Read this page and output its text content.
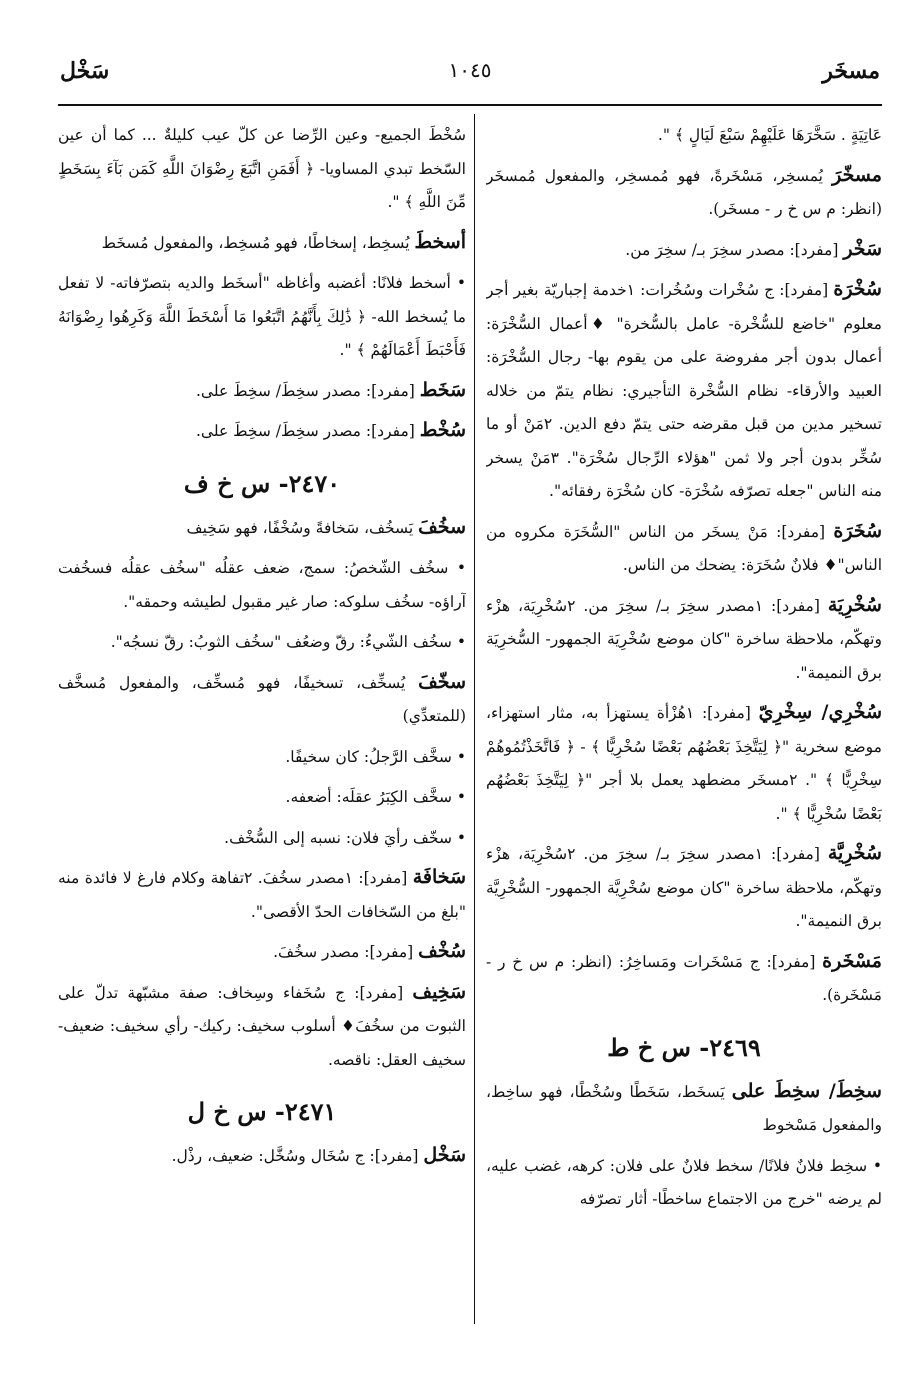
مسخَر
١٠٤٥
سَخْل

عَاتِيَةٍ . سَخَّرَهَا عَلَيْهِمْ سَبْعَ لَيَالٍ ﴾ ".

مسخّرَ يُمسخِر، مَسْخَرةً، فهو مُمسخِر، والمفعول مُمسخَر (انظر: م س خ ر - مسخَر).

سَخْر [مفرد]: مصدر سخِرَ بـ/ سخِرَ من.

سُخْرَة [مفرد]: ج سُخْرات وسُخُرات: ١خدمة إجباريّة بغير أجر معلوم "خاضع للسُّخْرة- عامل بالسُّخرة" ♦أعمال السُّخْرَة: أعمال بدون أجر مفروضة على من يقوم بها- رجال السُّخْرَة: العبيد والأرقاء- نظام السُّخْرة التأجيري: نظام يتمّ من خلاله تسخير مدين من قبل مقرضه حتى يتمّ دفع الدين. ٢مَنْ أو ما سُخِّر بدون أجر ولا ثمن "هؤلاء الرِّجال سُخْرَة". ٣مَنْ يسخر منه الناس "جعله تصرّفه سُخْرَة- كان سُخْرَة رفقائه".

سُخَرَة [مفرد]: مَنْ يسخَر من الناس "السُّخَرَة مكروه من الناس"♦ فلانٌ سُخَرَة: يضحك من الناس.

سُخْرِيَة [مفرد]: ١مصدر سخِرَ بـ/ سخِرَ من. ٢سُخْرِيَة، هزْء وتهكّم، ملاحظة ساخرة "كان موضع سُخْرِيَة الجمهور- السُّخرِيَة برق النميمة".

سُخْرِي/ سِخْرِيّ [مفرد]: ١هُزْأة يستهزأ به، مثار استهزاء، موضع سخرية "﴿ لِيَتَّخِذَ بَعْضُهُم بَعْضًا سُخْرِيًّا ﴾ - ﴿ فَاتَّخَذْتُمُوهُمْ سِخْرِيًّا ﴾ ". ٢مسخَر مضطهد يعمل بلا أجر "﴿ لِيَتَّخِذَ بَعْضُهُم بَعْضًا سُخْرِيًّا ﴾ ".

سُخْرِيَّة [مفرد]: ١مصدر سخِرَ بـ/ سخِرَ من. ٢سُخْرِيَة، هزْء وتهكّم، ملاحظة ساخرة "كان موضع سُخْرِيَّة الجمهور- السُّخْرِيَّة برق النميمة".

مَسْخَرة [مفرد]: ج مَسْخَرات ومَساخِرُ: (انظر: م س خ ر - مَسْخَرة).

٢٤٦٩- س خ ط

سخِطَ/ سخِطَ على يَسخَط، سَخَطًا وسُخْطًا، فهو ساخِط، والمفعول مَسْخوط

• سخِط فلانٌ فلانًا/ سخط فلانٌ على فلان: كرهه، غضب عليه، لم يرضه "خرج من الاجتماع ساخطًا- أثار تصرّفه

سُخْطَ الجميع- وعين الرِّضا عن كلّ عيب كليلةٌ ... كما أن عين السّخط تبدي المساويا- ﴿ أَفَمَنِ اتَّبَعَ رِضْوَانَ اللَّهِ كَمَن بَآءَ بِسَخَطٍ مِّنَ اللَّهِ ﴾ ".

أسخطَ يُسخِط، إسخاطًا، فهو مُسخِط، والمفعول مُسخَط

• أسخط فلانًا: أغضبه وأغاظه "أسخَط والديه بتصرّفاته- لا تفعل ما يُسخط الله- ﴿ ذَٰلِكَ بِأَنَّهُمُ اتَّبَعُوا مَا أَسْخَطَ اللَّهَ وَكَرِهُوا رِضْوَانَهُ فَأَحْبَطَ أَعْمَالَهُمْ ﴾ ".

سَخَط [مفرد]: مصدر سخِطَ/ سخِطَ على.

سُخْط [مفرد]: مصدر سخِطَ/ سخِطَ على.

٢٤٧٠- س خ ف

سخُفَ يَسخُف، سَخافةً وسُخْفًا، فهو سَخِيف

• سخُف الشّخصُ: سمج، ضعف عقلُه "سخُف عقلُه فسخُفت آراؤه- سخُف سلوكه: صار غير مقبول لطيشه وحمقه".

• سخُف الشّيءُ: رقّ وضعُف "سخُف الثوبُ: رقّ نسجُه".

سخّفَ يُسخِّف، تسخيفًا، فهو مُسخِّف، والمفعول مُسخَّف (للمتعدِّي)

• سخَّف الرَّجلُ: كان سخيفًا.

• سخَّف الكِبَرُ عقلَه: أضعفه.

• سخّف رأيَ فلان: نسبه إلى السُّخْف.

سَخافَة [مفرد]: ١مصدر سخُفَ. ٢تفاهة وكلام فارغ لا فائدة منه "بلغ من السّخافات الحدّ الأقصى".

سُخْف [مفرد]: مصدر سخُفَ.

سَخِيف [مفرد]: ج سُخَفاء وسِخاف: صفة مشبّهة تدلّ على الثبوت من سخُفَ♦ أسلوب سخيف: ركيك- رأي سخيف: ضعيف- سخيف العقل: ناقصه.

٢٤٧١- س خ ل

سَخْل [مفرد]: ج سُخَال وسُخَّل: ضعيف، رذْل.
